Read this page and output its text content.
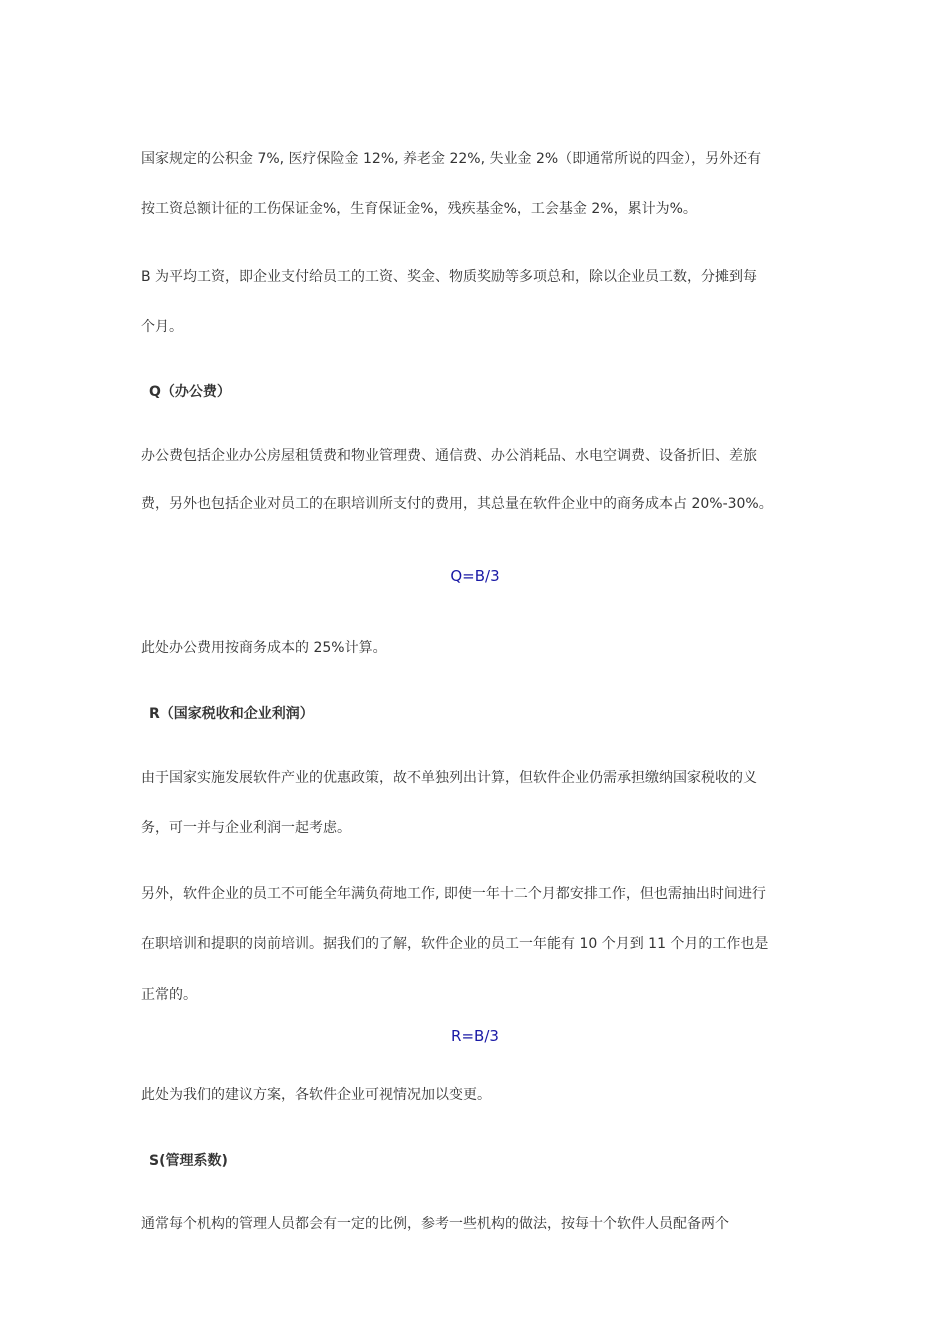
国家规定的公积金 7%, 医疗保险金 12%, 养老金 22%, 失业金 2%（即通常所说的四金），另外还有
按工资总额计征的工伤保证金%，生育保证金%，残疾基金%，工会基金 2%，累计为%。
B 为平均工资，即企业支付给员工的工资、奖金、物质奖励等多项总和，除以企业员工数，分摊到每
个月。
Q（办公费）
办公费包括企业办公房屋租赁费和物业管理费、通信费、办公消耗品、水电空调费、设备折旧、差旅
费，另外也包括企业对员工的在职培训所支付的费用，其总量在软件企业中的商务成本占 20%-30%。
Q=B/3
此处办公费用按商务成本的 25%计算。
R（国家税收和企业利润）
由于国家实施发展软件产业的优惠政策，故不单独列出计算，但软件企业仍需承担缴纳国家税收的义
务，可一并与企业利润一起考虑。
另外，软件企业的员工不可能全年满负荷地工作, 即使一年十二个月都安排工作，但也需抽出时间进行
在职培训和提职的岗前培训。据我们的了解，软件企业的员工一年能有 10 个月到 11 个月的工作也是
正常的。
R=B/3
此处为我们的建议方案，各软件企业可视情况加以变更。
S(管理系数)
通常每个机构的管理人员都会有一定的比例，参考一些机构的做法，按每十个软件人员配备两个
